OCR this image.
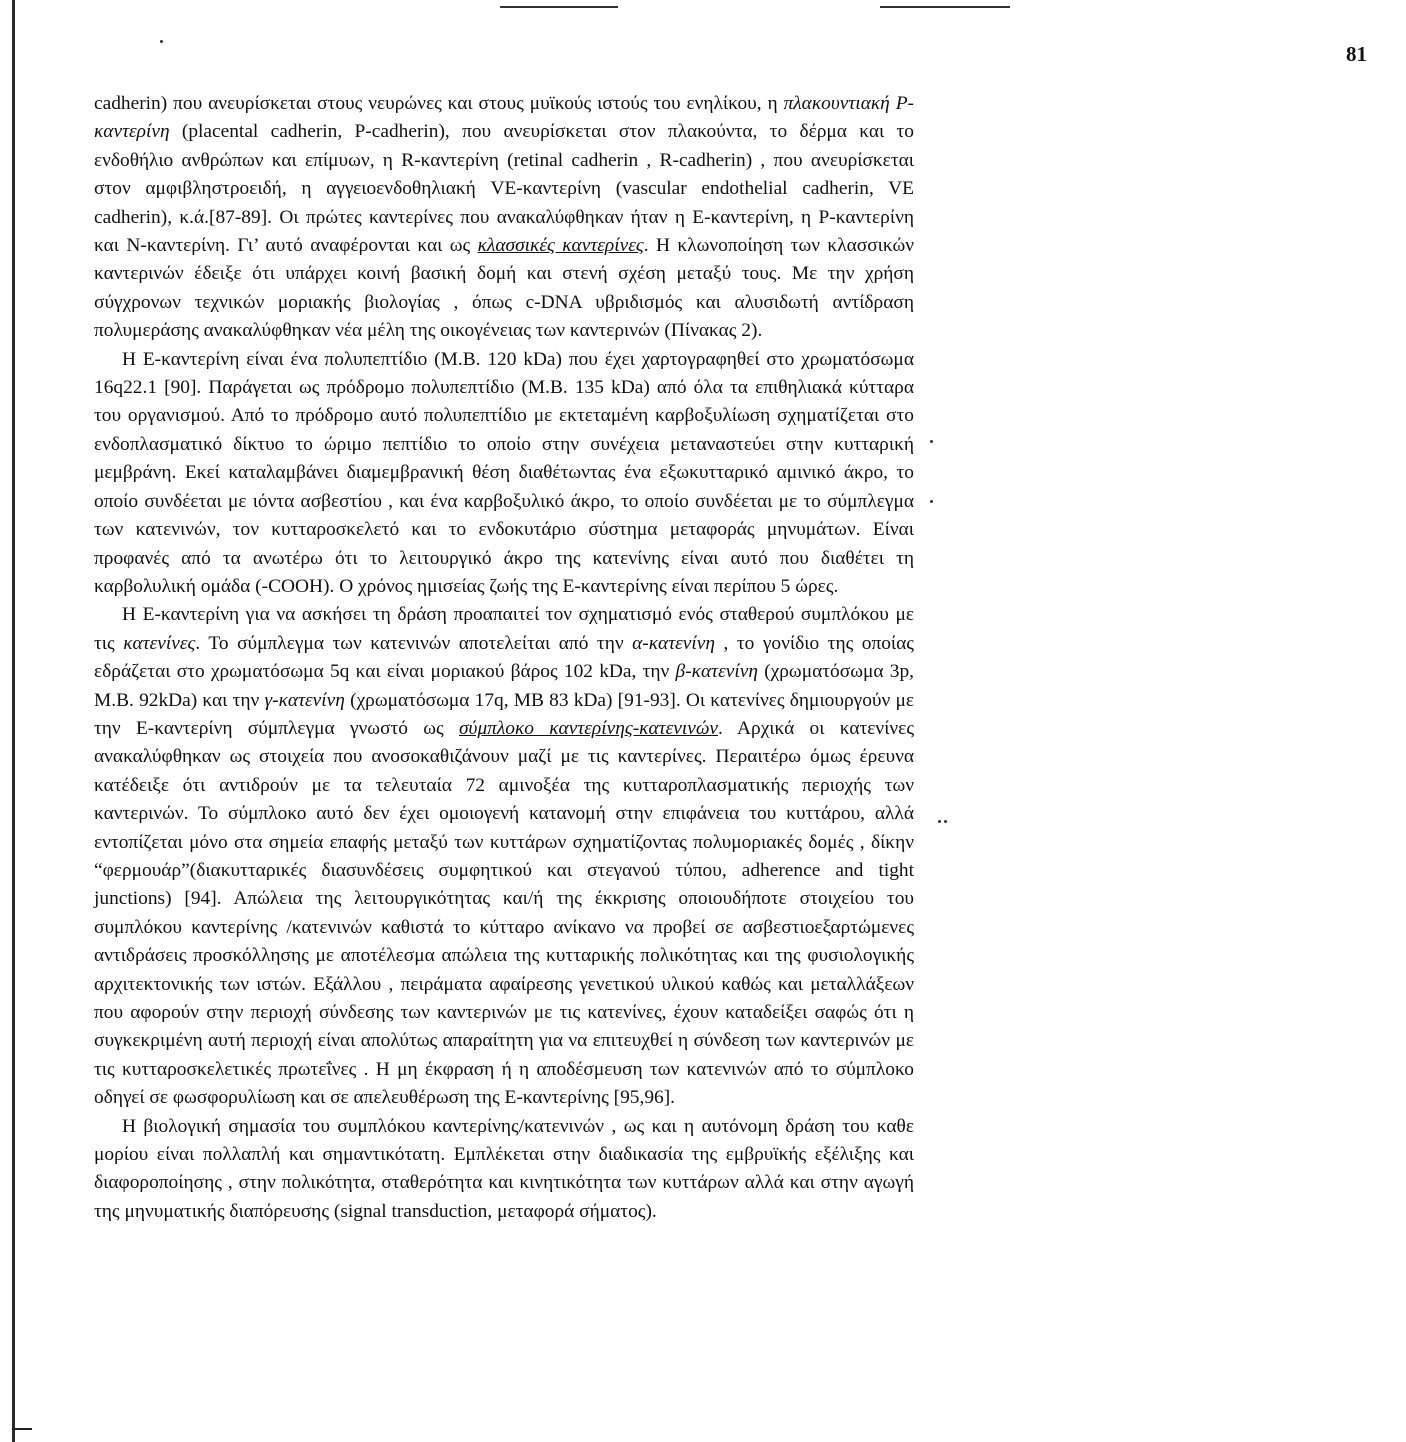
81

cadherin) που ανευρίσκεται στους νευρώνες και στους μυϊκούς ιστούς του ενηλίκου, η πλακουντιακή Ρ-καντερίνη (placental cadherin, P-cadherin), που ανευρίσκεται στον πλακούντα, το δέρμα και το ενδοθήλιο ανθρώπων και επίμυων, η R-καντερίνη (retinal cadherin , R-cadherin) , που ανευρίσκεται στον αμφιβληστροειδή, η αγγειοενδοθηλιακή VE-καντερίνη (vascular endothelial cadherin, VE cadherin), κ.ά.[87-89]. Οι πρώτες καντερίνες που ανακαλύφθηκαν ήταν η Ε-καντερίνη, η Ρ-καντερίνη και Ν-καντερίνη. Γι’ αυτό αναφέρονται και ως κλασσικές καντερίνες. Η κλωνοποίηση των κλασσικών καντερινών έδειξε ότι υπάρχει κοινή βασική δομή και στενή σχέση μεταξύ τους. Με την χρήση σύγχρονων τεχνικών μοριακής βιολογίας , όπως c-DNA υβριδισμός και αλυσιδωτή αντίδραση πολυμεράσης ανακαλύφθηκαν νέα μέλη της οικογένειας των καντερινών (Πίνακας 2).

Η Ε-καντερίνη είναι ένα πολυπεπτίδιο (Μ.Β. 120 kDa) που έχει χαρτογραφηθεί στο χρωματόσωμα 16q22.1 [90]. Παράγεται ως πρόδρομο πολυπεπτίδιο (Μ.Β. 135 kDa) από όλα τα επιθηλιακά κύτταρα του οργανισμού. Από το πρόδρομο αυτό πολυπεπτίδιο με εκτεταμένη καρβοξυλίωση σχηματίζεται στο ενδοπλασματικό δίκτυο το ώριμο πεπτίδιο το οποίο στην συνέχεια μεταναστεύει στην κυτταρική μεμβράνη. Εκεί καταλαμβάνει διαμεμβρανική θέση διαθέτωντας ένα εξωκυτταρικό αμινικό άκρο, το οποίο συνδέεται με ιόντα ασβεστίου , και ένα καρβοξυλικό άκρο, το οποίο συνδέεται με το σύμπλεγμα των κατενινών, τον κυτταροσκελετό και το ενδοκυτάριο σύστημα μεταφοράς μηνυμάτων. Είναι προφανές από τα ανωτέρω ότι το λειτουργικό άκρο της κατενίνης είναι αυτό που διαθέτει τη καρβολυλική ομάδα (-COOH). Ο χρόνος ημισείας ζωής της Ε-καντερίνης είναι περίπου 5 ώρες.

Η Ε-καντερίνη για να ασκήσει τη δράση προαπαιτεί τον σχηματισμό ενός σταθερού συμπλόκου με τις κατενίνες. Το σύμπλεγμα των κατενινών αποτελείται από την α-κατενίνη , το γονίδιο της οποίας εδράζεται στο χρωματόσωμα 5q και είναι μοριακού βάρος 102 kDa, την β-κατενίνη (χρωματόσωμα 3p, Μ.Β. 92kDa) και την γ-κατενίνη (χρωματόσωμα 17q, ΜΒ 83 kDa) [91-93]. Οι κατενίνες δημιουργούν με την Ε-καντερίνη σύμπλεγμα γνωστό ως σύμπλοκο καντερίνης-κατενινών. Αρχικά οι κατενίνες ανακαλύφθηκαν ως στοιχεία που ανοσοκαθιζάνουν μαζί με τις καντερίνες. Περαιτέρω όμως έρευνα κατέδειξε ότι αντιδρούν με τα τελευταία 72 αμινοξέα της κυτταροπλασματικής περιοχής των καντερινών. Το σύμπλοκο αυτό δεν έχει ομοιογενή κατανομή στην επιφάνεια του κυττάρου, αλλά εντοπίζεται μόνο στα σημεία επαφής μεταξύ των κυττάρων σχηματίζοντας πολυμοριακές δομές , δίκην “φερμουάρ”(διακυτταρικές διασυνδέσεις συμφητικού και στεγανού τύπου, adherence and tight junctions) [94]. Απώλεια της λειτουργικότητας και/ή της έκκρισης οποιουδήποτε στοιχείου του συμπλόκου καντερίνης /κατενινών καθιστά το κύτταρο ανίκανο να προβεί σε ασβεστιοεξαρτώμενες αντιδράσεις προσκόλλησης με αποτέλεσμα απώλεια της κυτταρικής πολικότητας και της φυσιολογικής αρχιτεκτονικής των ιστών. Εξάλλου , πειράματα αφαίρεσης γενετικού υλικού καθώς και μεταλλάξεων που αφορούν στην περιοχή σύνδεσης των καντερινών με τις κατενίνες, έχουν καταδείξει σαφώς ότι η συγκεκριμένη αυτή περιοχή είναι απολύτως απαραίτητη για να επιτευχθεί η σύνδεση των καντερινών με τις κυτταροσκελετικές πρωτεΐνες . Η μη έκφραση ή η αποδέσμευση των κατενινών από το σύμπλοκο οδηγεί σε φωσφορυλίωση και σε απελευθέρωση της Ε-καντερίνης [95,96].

Η βιολογική σημασία του συμπλόκου καντερίνης/κατενινών , ως και η αυτόνομη δράση του καθε μορίου είναι πολλαπλή και σημαντικότατη. Εμπλέκεται στην διαδικασία της εμβρυϊκής εξέλιξης και διαφοροποίησης , στην πολικότητα, σταθερότητα και κινητικότητα των κυττάρων αλλά και στην αγωγή της μηνυματικής διαπόρευσης (signal transduction, μεταφορά σήματος).
